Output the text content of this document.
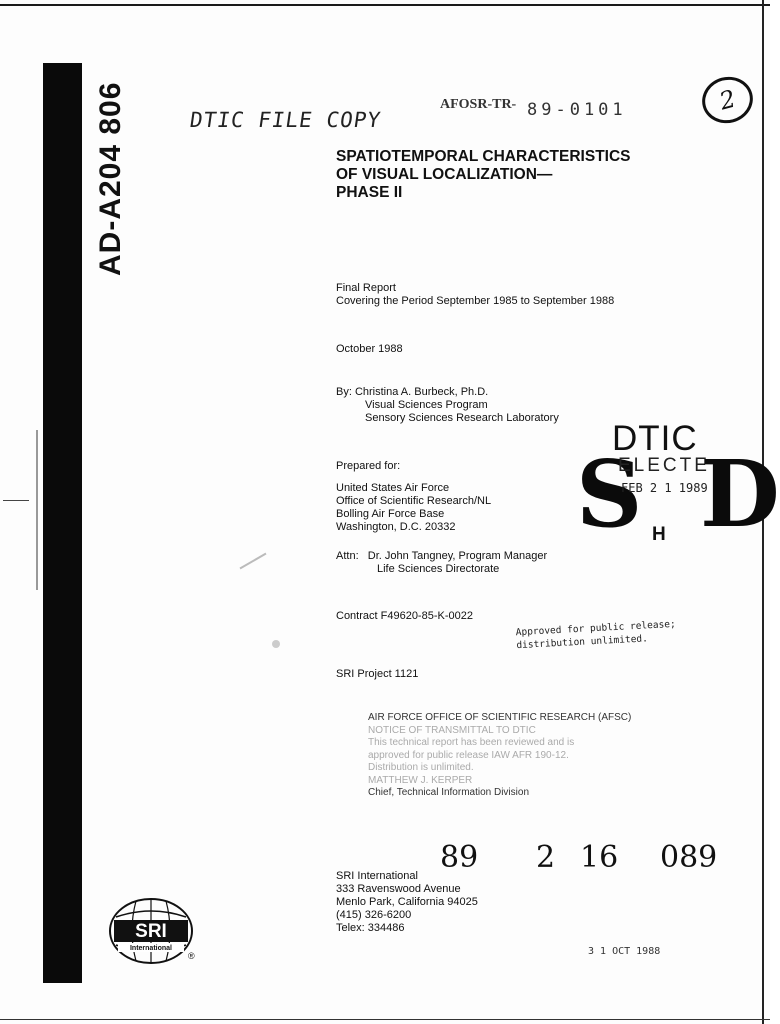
AD-A204 806	DTIC FILE COPY
AFOSR-TR- 89-0101	2
SPATIOTEMPORAL CHARACTERISTICS
OF VISUAL LOCALIZATION—
PHASE II
Final Report
Covering the Period September 1985 to September 1988
October 1988
By: Christina A. Burbeck, Ph.D.
Visual Sciences Program
Sensory Sciences Research Laboratory
Prepared for:
United States Air Force
Office of Scientific Research/NL
Bolling Air Force Base
Washington, D.C. 20332
Attn: Dr. John Tangney, Program Manager
Life Sciences Directorate
Contract F49620-85-K-0022
Approved for public release;
distribution unlimited.
SRI Project 1121
S
DTIC
ELECTE
FEB 2 1 1989
D
H
AIR FORCE OFFICE OF SCIENTIFIC RESEARCH (AFSC)
NOTICE OF TRANSMITTAL TO DTIC
This technical report has been reviewed and is
approved for public release IAW AFR 190-12.
Distribution is unlimited.
MATTHEW J. KERPER
Chief, Technical Information Division
SRI International
89 2 16 089
333 Ravenswood Avenue
Menlo Park, California 94025
(415) 326-6200
Telex: 334486
3 1 OCT 1988
SRI
International
®
